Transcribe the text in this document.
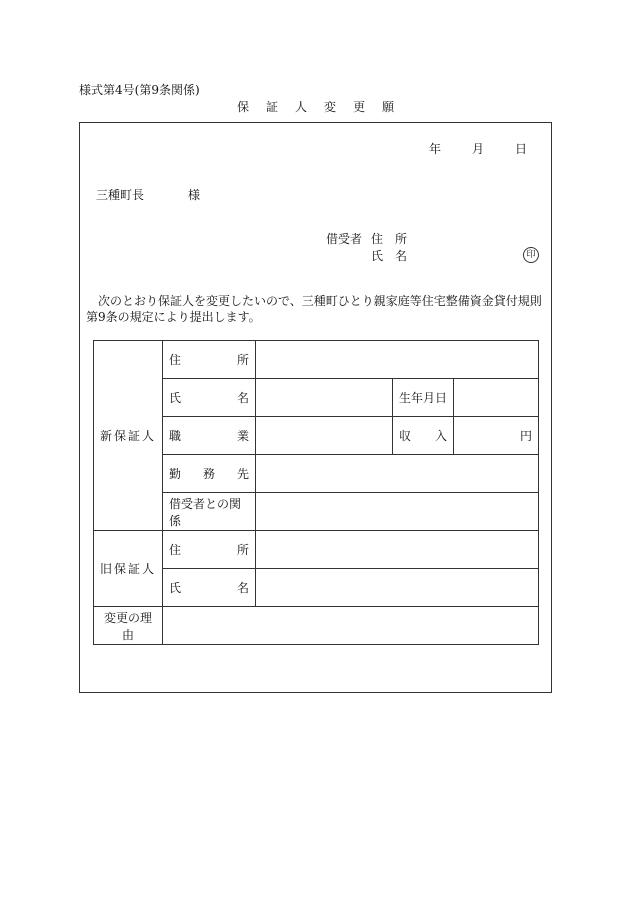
様式第4号(第9条関係)
保 証 人 変 更 願
年	月	日
三種町長	様
借受者 住　所
氏　名	印
次のとおり保証人を変更したいので、三種町ひとり親家庭等住宅整備資金貸付規則第9条の規定により提出します。
新保証人	住所			
	氏名		生年月日	
	職業		収入	円
	勤務先			
	借受者との関係			
旧保証人	住所			
	氏名			
変更の理由				
